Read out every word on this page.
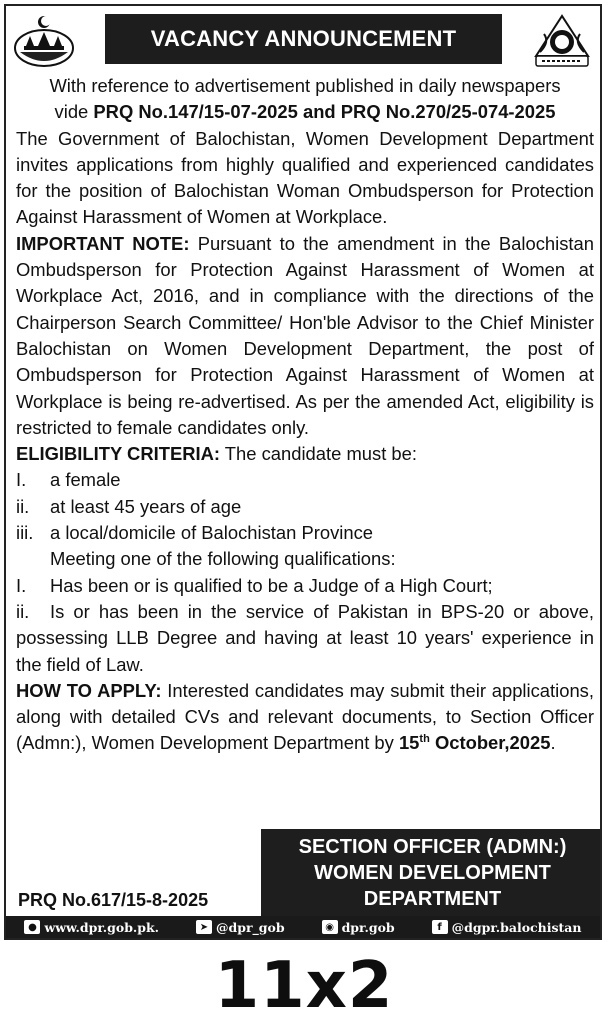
VACANCY ANNOUNCEMENT
With reference to advertisement published in daily newspapers
vide PRQ No.147/15-07-2025 and PRQ No.270/25-074-2025
The Government of Balochistan, Women Development Department invites applications from highly qualified and experienced candidates for the position of Balochistan Woman Ombudsperson for Protection Against Harassment of Women at Workplace.
IMPORTANT NOTE: Pursuant to the amendment in the Balochistan Ombudsperson for Protection Against Harassment of Women at Workplace Act, 2016, and in compliance with the directions of the Chairperson Search Committee/ Hon'ble Advisor to the Chief Minister Balochistan on Women Development Department, the post of Ombudsperson for Protection Against Harassment of Women at Workplace is being re-advertised. As per the amended Act, eligibility is restricted to female candidates only.
ELIGIBILITY CRITERIA: The candidate must be:
I.	a female
ii.	at least 45 years of age
iii. a local/domicile of Balochistan Province
Meeting one of the following qualifications:
I.	Has been or is qualified to be a Judge of a High Court;
ii. Is or has been in the service of Pakistan in BPS-20 or above, possessing LLB Degree and having at least 10 years' experience in the field of Law.
HOW TO APPLY: Interested candidates may submit their applications, along with detailed CVs and relevant documents, to Section Officer (Admn:), Women Development Department by 15th October,2025.
SECTION OFFICER (ADMN:)
WOMEN DEVELOPMENT
DEPARTMENT
PRQ No.617/15-8-2025
● www.dpr.gob.pk.	➤ @dpr_gob	◉ dpr.gob	f @dgpr.balochistan
11x2
